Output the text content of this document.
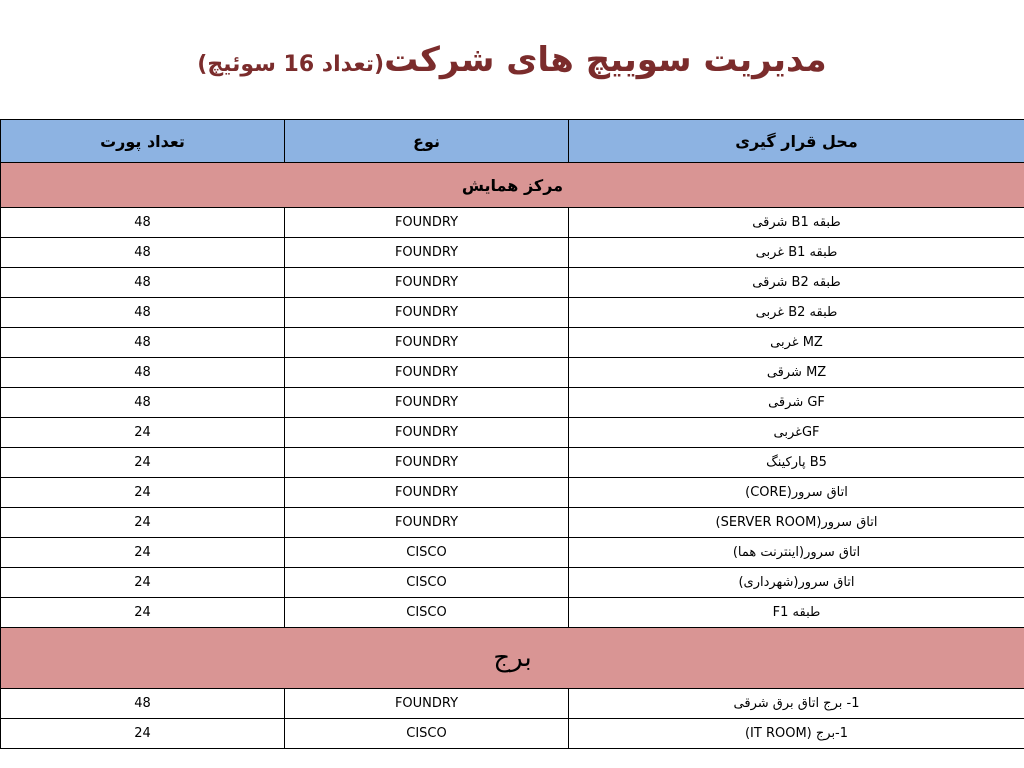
مدیریت سوییچ های شرکت(تعداد 16 سوئیچ)
محل قرار گیری	نوع	تعداد پورت
مرکز همایش		
طبقه B1 شرقی	FOUNDRY	48
طبقه B1 غربی	FOUNDRY	48
طبقه B2 شرقی	FOUNDRY	48
طبقه B2 غربی	FOUNDRY	48
MZ غربی	FOUNDRY	48
MZ شرقی	FOUNDRY	48
GF شرقی	FOUNDRY	48
GFغربی	FOUNDRY	24
B5 پارکینگ	FOUNDRY	24
اتاق سرور(CORE)	FOUNDRY	24
اتاق سرور(SERVER ROOM)	FOUNDRY	24
اتاق سرور(اینترنت هما)	CISCO	24
اتاق سرور(شهرداری)	CISCO	24
طبقه F1	CISCO	24
برج		
1- برج اتاق برق شرقی	FOUNDRY	48
1-برج (IT ROOM)	CISCO	24
